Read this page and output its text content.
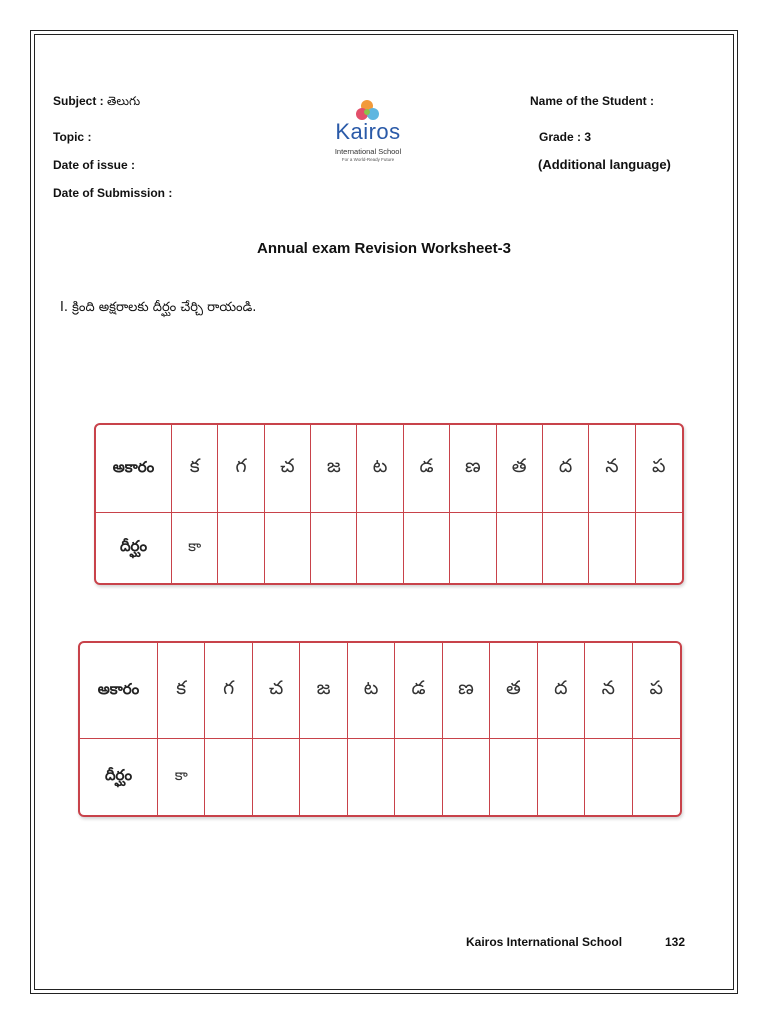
Subject : తెలుగు
Topic :
Date of issue :
Date of Submission :
Name of the Student :
Grade : 3
(Additional language)
Kairos
International School
For a World-Ready Future
Annual exam Revision Worksheet-3
I. క్రింది అక్షరాలకు దీర్ఘం చేర్చి రాయండి.
అకారం	క	గ	చ	జ	ట	డ	ణ	త	ద	న	ప
దీర్ఘం	కా										
అకారం	క	గ	చ	జ	ట	డ	ణ	త	ద	న	ప
దీర్ఘం	కా										
Kairos International School	132
